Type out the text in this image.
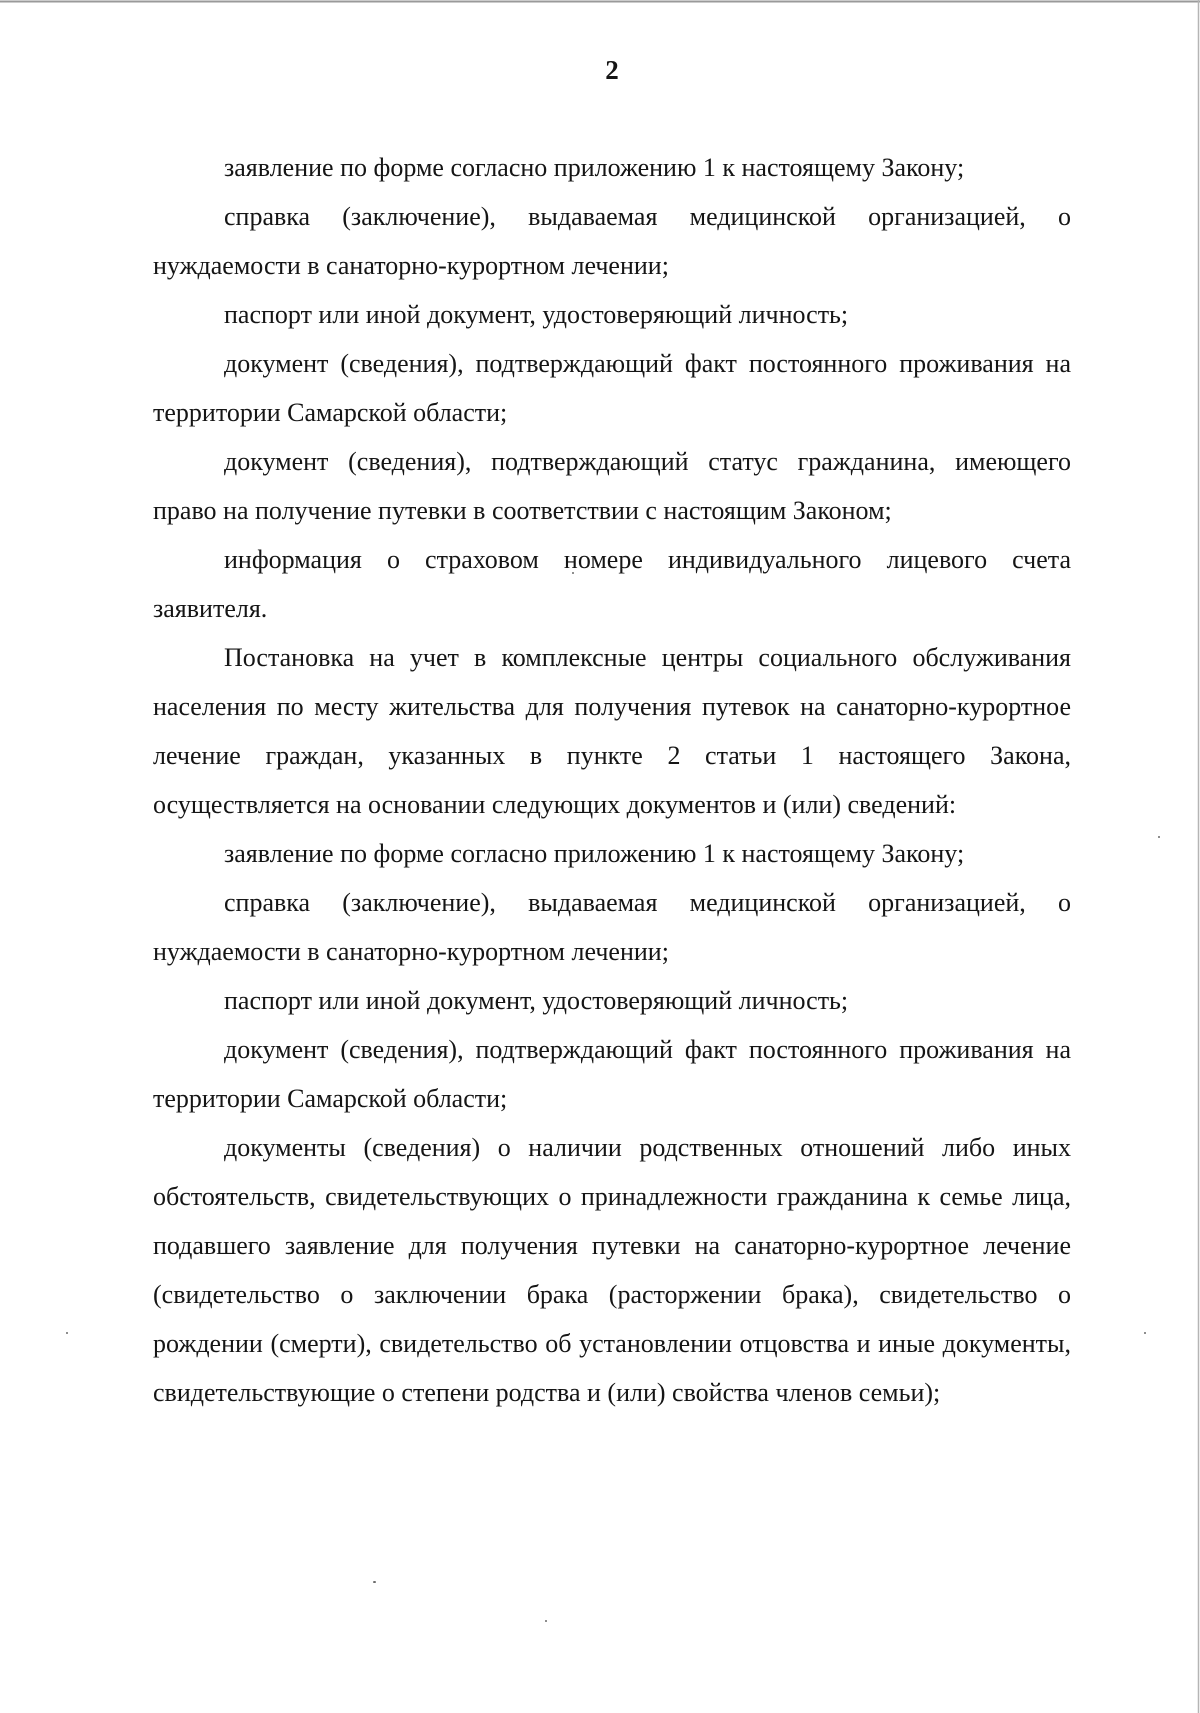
2

заявление по форме согласно приложению 1 к настоящему Закону;

справка (заключение), выдаваемая медицинской организацией, о нуждаемости в санаторно-курортном лечении;

паспорт или иной документ, удостоверяющий личность;

документ (сведения), подтверждающий факт постоянного проживания на территории Самарской области;

документ (сведения), подтверждающий статус гражданина, имеющего право на получение путевки в соответствии с настоящим Законом;

информация о страховом номере индивидуального лицевого счета заявителя.

Постановка на учет в комплексные центры социального обслуживания населения по месту жительства для получения путевок на санаторно-курортное лечение граждан, указанных в пункте 2 статьи 1 настоящего Закона, осуществляется на основании следующих документов и (или) сведений:

заявление по форме согласно приложению 1 к настоящему Закону;

справка (заключение), выдаваемая медицинской организацией, о нуждаемости в санаторно-курортном лечении;

паспорт или иной документ, удостоверяющий личность;

документ (сведения), подтверждающий факт постоянного проживания на территории Самарской области;

документы (сведения) о наличии родственных отношений либо иных обстоятельств, свидетельствующих о принадлежности гражданина к семье лица, подавшего заявление для получения путевки на санаторно-курортное лечение (свидетельство о заключении брака (расторжении брака), свидетельство о рождении (смерти), свидетельство об установлении отцовства и иные документы, свидетельствующие о степени родства и (или) свойства членов семьи);
